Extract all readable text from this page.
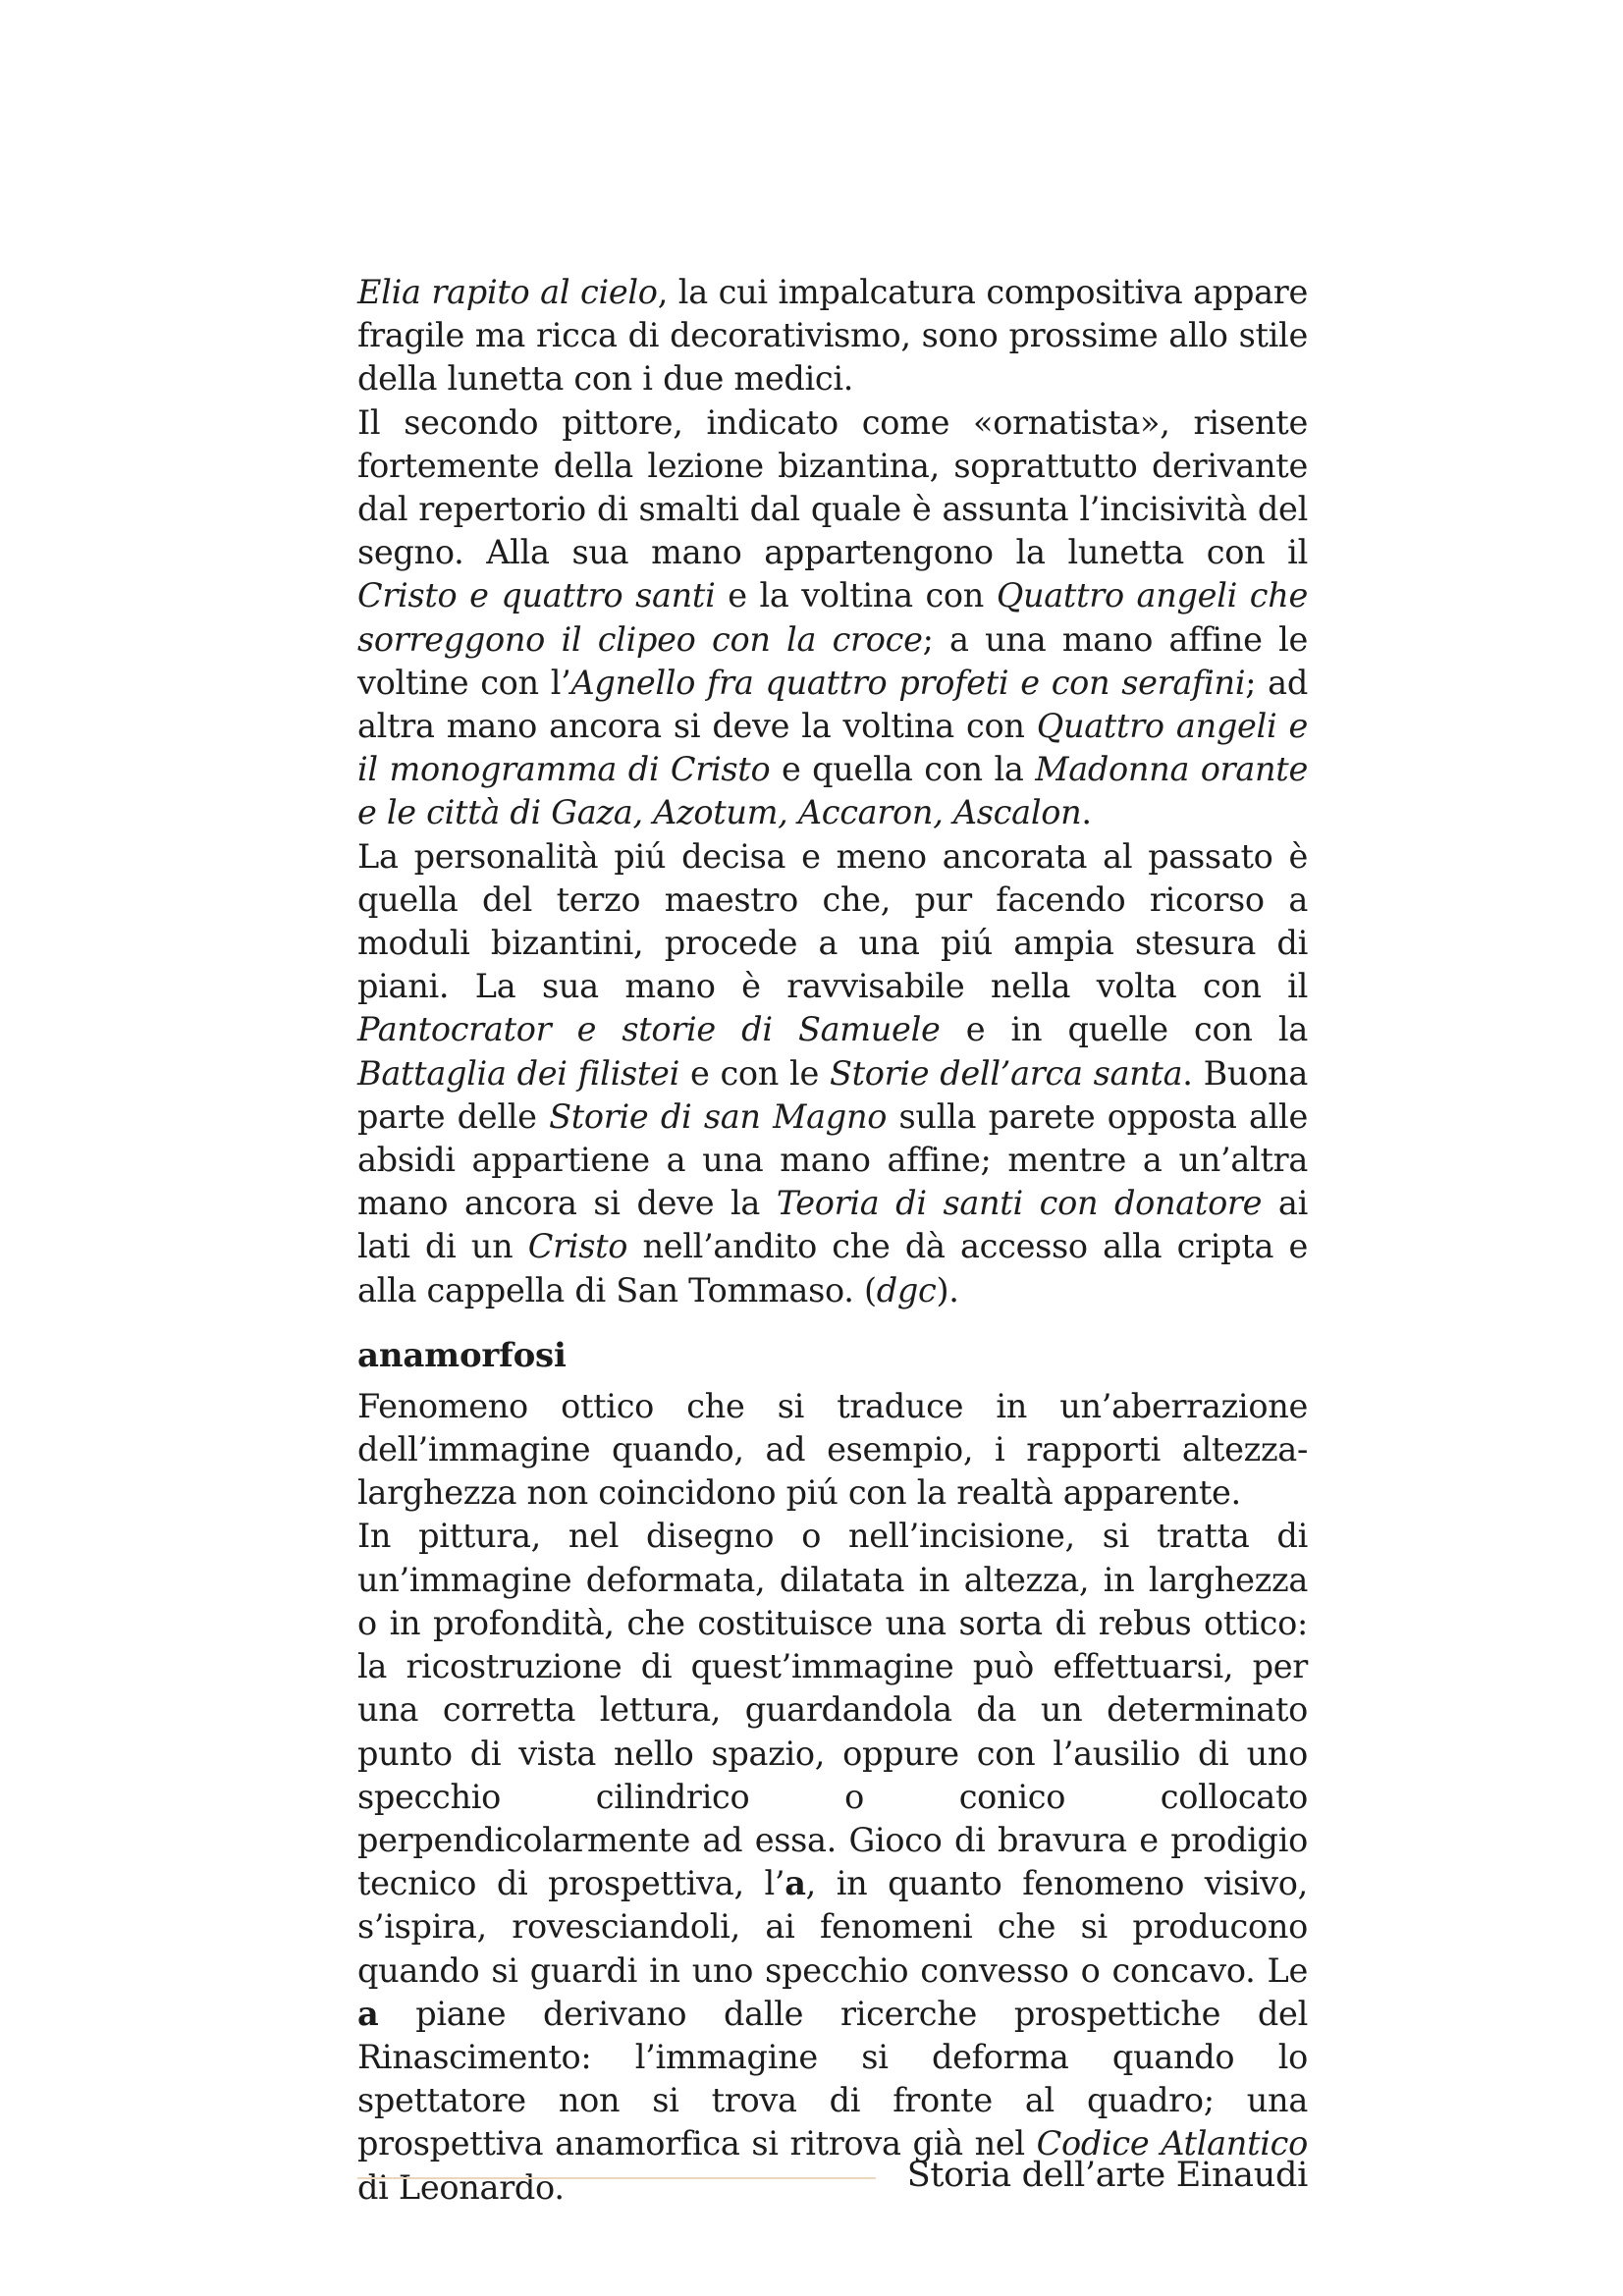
Elia rapito al cielo, la cui impalcatura compositiva appare fragile ma ricca di decorativismo, sono prossime allo stile della lunetta con i due medici.

Il secondo pittore, indicato come «ornatista», risente fortemente della lezione bizantina, soprattutto derivante dal repertorio di smalti dal quale è assunta l’incisività del segno. Alla sua mano appartengono la lunetta con il Cristo e quattro santi e la voltina con Quattro angeli che sorreggono il clipeo con la croce; a una mano affine le voltine con l’Agnello fra quattro profeti e con serafini; ad altra mano ancora si deve la voltina con Quattro angeli e il monogramma di Cristo e quella con la Madonna orante e le città di Gaza, Azotum, Accaron, Ascalon.

La personalità piú decisa e meno ancorata al passato è quella del terzo maestro che, pur facendo ricorso a moduli bizantini, procede a una piú ampia stesura di piani. La sua mano è ravvisabile nella volta con il Pantocrator e storie di Samuele e in quelle con la Battaglia dei filistei e con le Storie dell’arca santa. Buona parte delle Storie di san Magno sulla parete opposta alle absidi appartiene a una mano affine; mentre a un’altra mano ancora si deve la Teoria di santi con donatore ai lati di un Cristo nell’andito che dà accesso alla cripta e alla cappella di San Tommaso. (dgc).

anamorfosi

Fenomeno ottico che si traduce in un’aberrazione dell’immagine quando, ad esempio, i rapporti altezza-larghezza non coincidono piú con la realtà apparente.

In pittura, nel disegno o nell’incisione, si tratta di un’immagine deformata, dilatata in altezza, in larghezza o in profondità, che costituisce una sorta di rebus ottico: la ricostruzione di quest’immagine può effettuarsi, per una corretta lettura, guardandola da un determinato punto di vista nello spazio, oppure con l’ausilio di uno specchio cilindrico o conico collocato perpendicolarmente ad essa. Gioco di bravura e prodigio tecnico di prospettiva, l’a, in quanto fenomeno visivo, s’ispira, rovesciandoli, ai fenomeni che si producono quando si guardi in uno specchio convesso o concavo. Le a piane derivano dalle ricerche prospettiche del Rinascimento: l’immagine si deforma quando lo spettatore non si trova di fronte al quadro; una prospettiva anamorfica si ritrova già nel Codice Atlantico di Leonardo.	Storia dell’arte Einaudi
